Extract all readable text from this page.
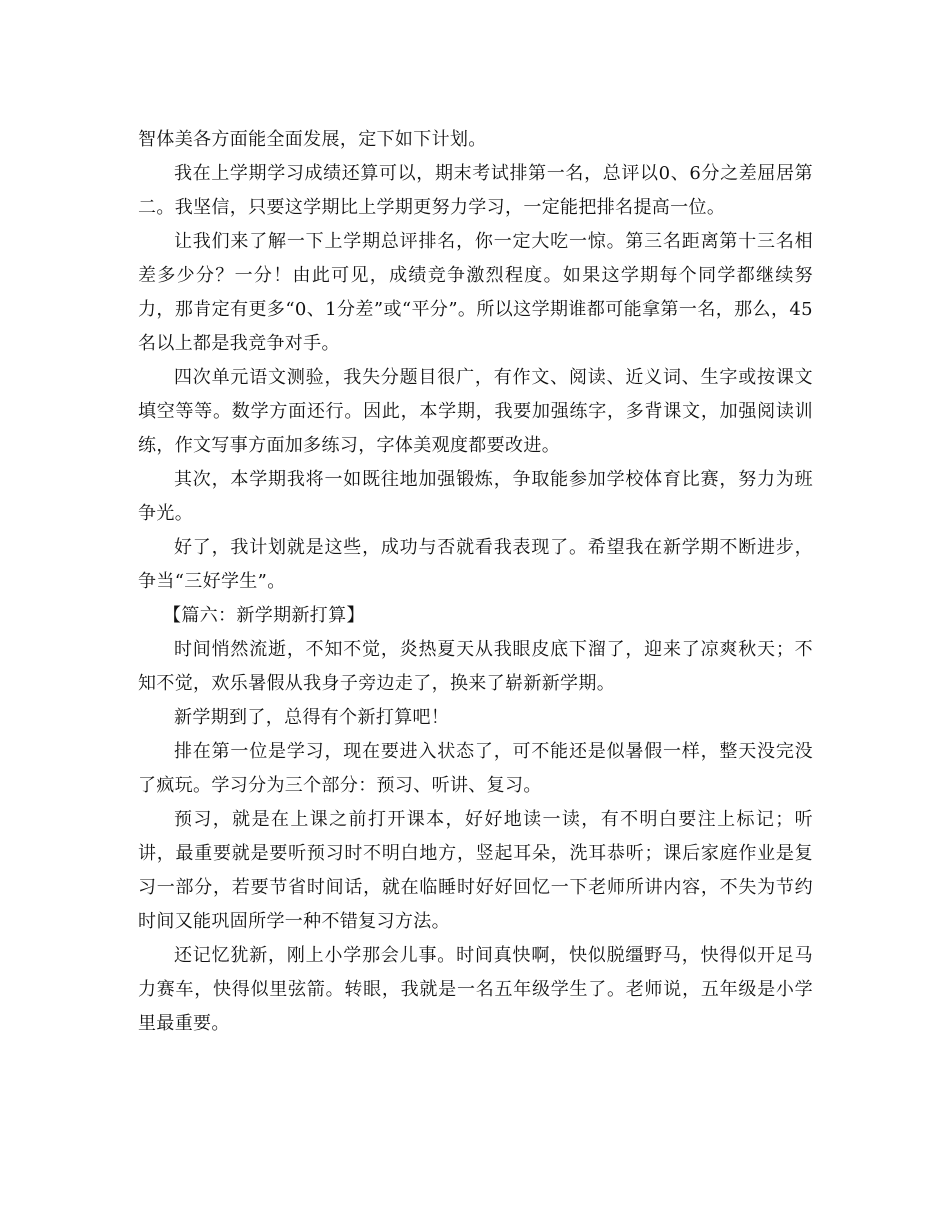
智体美各方面能全面发展，定下如下计划。

我在上学期学习成绩还算可以，期末考试排第一名，总评以0、6分之差屈居第二。我坚信，只要这学期比上学期更努力学习，一定能把排名提高一位。

让我们来了解一下上学期总评排名，你一定大吃一惊。第三名距离第十三名相差多少分？一分！由此可见，成绩竞争激烈程度。如果这学期每个同学都继续努力，那肯定有更多“0、1分差”或“平分”。所以这学期谁都可能拿第一名，那么，45名以上都是我竞争对手。

四次单元语文测验，我失分题目很广，有作文、阅读、近义词、生字或按课文填空等等。数学方面还行。因此，本学期，我要加强练字，多背课文，加强阅读训练，作文写事方面加多练习，字体美观度都要改进。

其次，本学期我将一如既往地加强锻炼，争取能参加学校体育比赛，努力为班争光。

好了，我计划就是这些，成功与否就看我表现了。希望我在新学期不断进步，争当“三好学生”。

【篇六：新学期新打算】

时间悄然流逝，不知不觉，炎热夏天从我眼皮底下溜了，迎来了凉爽秋天；不知不觉，欢乐暑假从我身子旁边走了，换来了崭新新学期。

新学期到了，总得有个新打算吧！

排在第一位是学习，现在要进入状态了，可不能还是似暑假一样，整天没完没了疯玩。学习分为三个部分：预习、听讲、复习。

预习，就是在上课之前打开课本，好好地读一读，有不明白要注上标记；听讲，最重要就是要听预习时不明白地方，竖起耳朵，洗耳恭听；课后家庭作业是复习一部分，若要节省时间话，就在临睡时好好回忆一下老师所讲内容，不失为节约时间又能巩固所学一种不错复习方法。

还记忆犹新，刚上小学那会儿事。时间真快啊，快似脱缰野马，快得似开足马力赛车，快得似里弦箭。转眼，我就是一名五年级学生了。老师说，五年级是小学里最重要。
